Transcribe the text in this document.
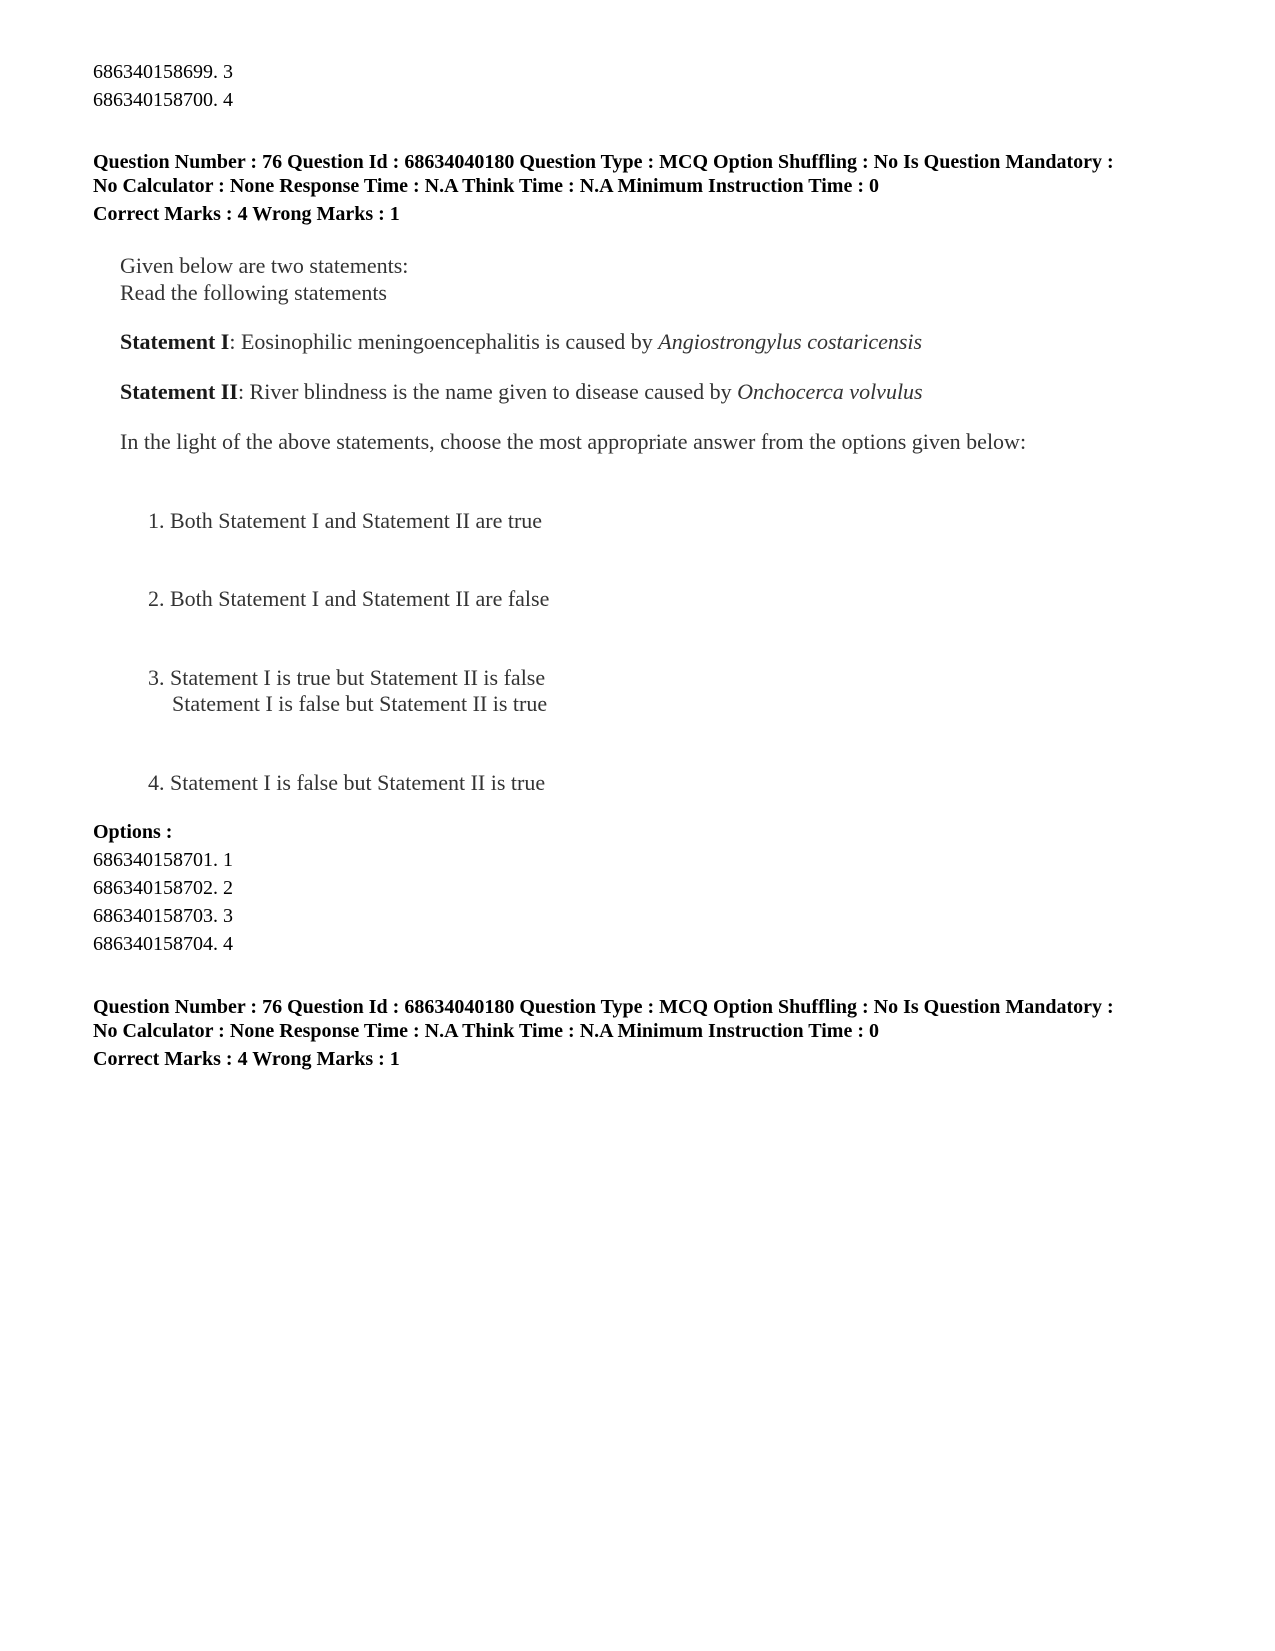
686340158699. 3
686340158700. 4
Question Number : 76 Question Id : 68634040180 Question Type : MCQ Option Shuffling : No Is Question Mandatory :
No Calculator : None Response Time : N.A Think Time : N.A Minimum Instruction Time : 0
Correct Marks : 4 Wrong Marks : 1
Given below are two statements:
Read the following statements
Statement I: Eosinophilic meningoencephalitis is caused by Angiostrongylus costaricensis
Statement II: River blindness is the name given to disease caused by Onchocerca volvulus
In the light of the above statements, choose the most appropriate answer from the options given below:
1. Both Statement I and Statement II are true
2. Both Statement I and Statement II are false
3. Statement I is true but Statement II is false
Statement I is false but Statement II is true
4. Statement I is false but Statement II is true
Options :
686340158701. 1
686340158702. 2
686340158703. 3
686340158704. 4
Question Number : 76 Question Id : 68634040180 Question Type : MCQ Option Shuffling : No Is Question Mandatory :
No Calculator : None Response Time : N.A Think Time : N.A Minimum Instruction Time : 0
Correct Marks : 4 Wrong Marks : 1
